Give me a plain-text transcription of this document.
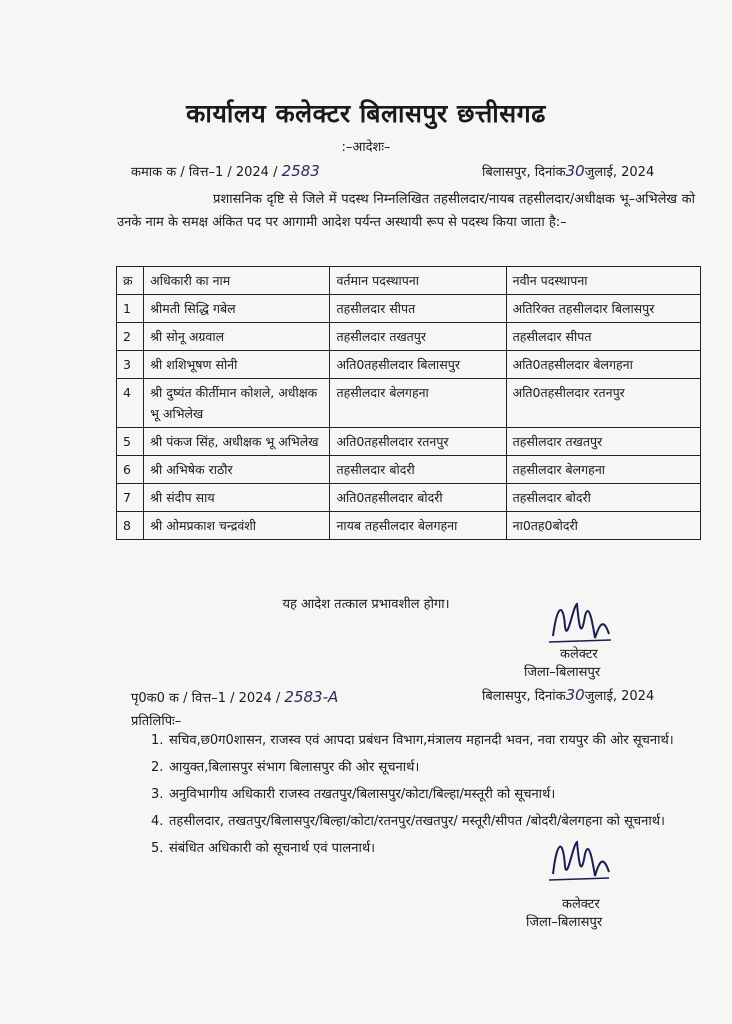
कार्यालय कलेक्टर बिलासपुर छत्तीसगढ
:–आदेशः–
कमाक क / वित्त–1 / 2024 / 2583	बिलासपुर, दिनांक30जुलाई, 2024
प्रशासनिक दृष्टि से जिले में पदस्थ निम्नलिखित तहसीलदार/नायब तहसीलदार/अधीक्षक भू–अभिलेख को उनके नाम के समक्ष अंकित पद पर आगामी आदेश पर्यन्त अस्थायी रूप से पदस्थ किया जाता है:–
क्र	अधिकारी का नाम	वर्तमान पदस्थापना	नवीन पदस्थापना
1	श्रीमती सिद्धि गबेल	तहसीलदार सीपत	अतिरिक्त तहसीलदार बिलासपुर
2	श्री सोनू अग्रवाल	तहसीलदार तखतपुर	तहसीलदार सीपत
3	श्री शशिभूषण सोनी	अति0तहसीलदार बिलासपुर	अति0तहसीलदार बेलगहना
4	श्री दुष्यंत कीर्तीमान कोशले, अधीक्षक भू अभिलेख	तहसीलदार बेलगहना	अति0तहसीलदार रतनपुर
5	श्री पंकज सिंह, अधीक्षक भू अभिलेख	अति0तहसीलदार रतनपुर	तहसीलदार तखतपुर
6	श्री अभिषेक राठौर	तहसीलदार बोदरी	तहसीलदार बेलगहना
7	श्री संदीप साय	अति0तहसीलदार बोदरी	तहसीलदार बोदरी
8	श्री ओमप्रकाश चन्द्रवंशी	नायब तहसीलदार बेलगहना	ना0तह0बोदरी
यह आदेश तत्काल प्रभावशील होगा।
कलेक्टर
जिला–बिलासपुर
पृ0क0 क / वित्त–1 / 2024 / 2583-A	बिलासपुर, दिनांक30जुलाई, 2024
प्रतिलिपिः–
1. सचिव,छ0ग0शासन, राजस्व एवं आपदा प्रबंधन विभाग,मंत्रालय महानदी भवन, नवा रायपुर की ओर सूचनार्थ।
2. आयुक्त,बिलासपुर संभाग बिलासपुर की ओर सूचनार्थ।
3. अनुविभागीय अधिकारी राजस्व तखतपुर/बिलासपुर/कोटा/बिल्हा/मस्तूरी को सूचनार्थ।
4. तहसीलदार, तखतपुर/बिलासपुर/बिल्हा/कोटा/रतनपुर/तखतपुर/ मस्तूरी/सीपत /बोदरी/बेलगहना को सूचनार्थ।
5. संबंधित अधिकारी को सूचनार्थ एवं पालनार्थ।
कलेक्टर
जिला–बिलासपुर
